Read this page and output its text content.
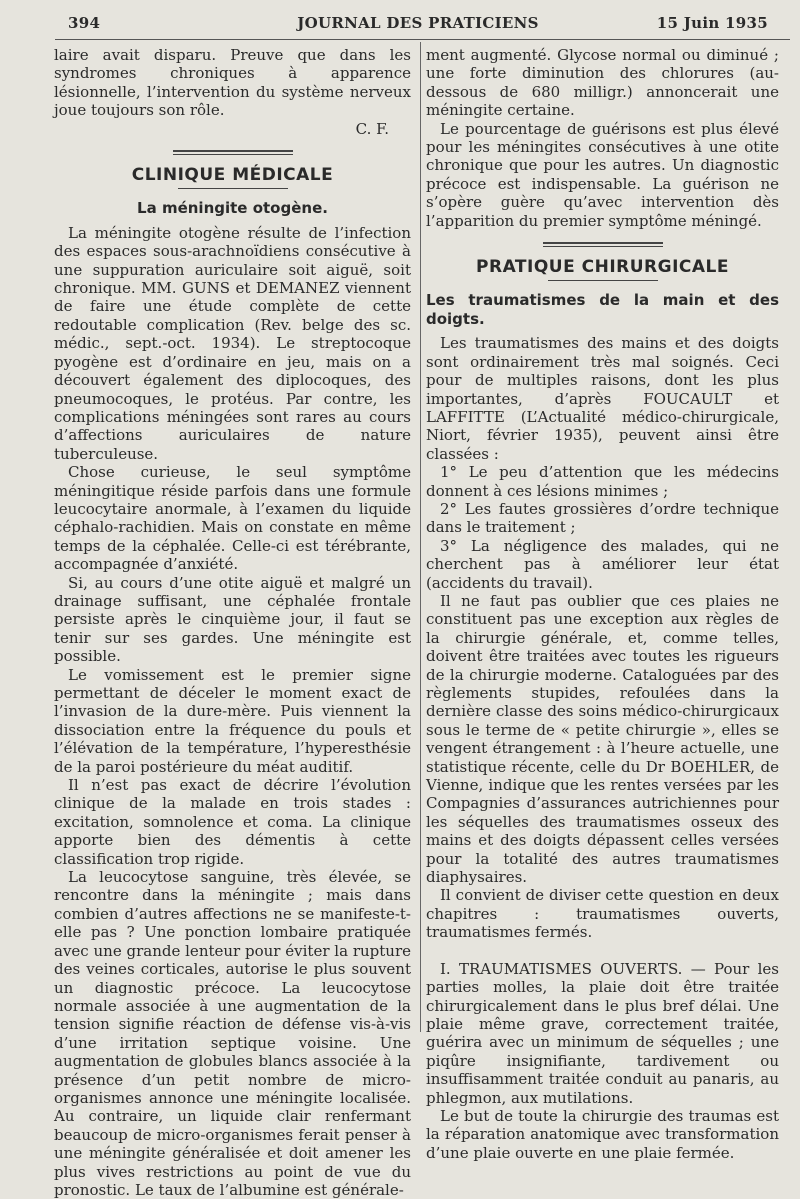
JOURNAL DES PRATICIENS
394	15 Juin 1935

laire avait disparu. Preuve que dans les syndromes chroniques à apparence lésionnelle, l’intervention du système nerveux joue toujours son rôle.

C. F.

CLINIQUE MÉDICALE
La méningite otogène.

La méningite otogène résulte de l’infection des espaces sous-arachnoïdiens consécutive à une suppuration auriculaire soit aiguë, soit chronique. MM. GUNS et DEMANEZ viennent de faire une étude complète de cette redoutable complication (Rev. belge des sc. médic., sept.-oct. 1934). Le streptocoque pyogène est d’ordinaire en jeu, mais on a découvert également des diplocoques, des pneumocoques, le protéus. Par contre, les complications méningées sont rares au cours d’affections auriculaires de nature tuberculeuse.

Chose curieuse, le seul symptôme méningitique réside parfois dans une formule leucocytaire anormale, à l’examen du liquide céphalo-rachidien. Mais on constate en même temps de la céphalée. Celle-ci est térébrante, accompagnée d’anxiété.

Si, au cours d’une otite aiguë et malgré un drainage suffisant, une céphalée frontale persiste après le cinquième jour, il faut se tenir sur ses gardes. Une méningite est possible.

Le vomissement est le premier signe permettant de déceler le moment exact de l’invasion de la dure-mère. Puis viennent la dissociation entre la fréquence du pouls et l’élévation de la température, l’hyperesthésie de la paroi postérieure du méat auditif.

Il n’est pas exact de décrire l’évolution clinique de la malade en trois stades : excitation, somnolence et coma. La clinique apporte bien des démentis à cette classification trop rigide.

La leucocytose sanguine, très élevée, se rencontre dans la méningite ; mais dans combien d’autres affections ne se manifeste-t-elle pas ? Une ponction lombaire pratiquée avec une grande lenteur pour éviter la rupture des veines corticales, autorise le plus souvent un diagnostic précoce. La leucocytose normale associée à une augmentation de la tension signifie réaction de défense vis-à-vis d’une irritation septique voisine. Une augmentation de globules blancs associée à la présence d’un petit nombre de micro-organismes annonce une méningite localisée. Au contraire, un liquide clair renfermant beaucoup de micro-organismes ferait penser à une méningite généralisée et doit amener les plus vives restrictions au point de vue du pronostic. Le taux de l’albumine est générale-

ment augmenté. Glycose normal ou diminué ; une forte diminution des chlorures (au-dessous de 680 milligr.) annoncerait une méningite certaine.

Le pourcentage de guérisons est plus élevé pour les méningites consécutives à une otite chronique que pour les autres. Un diagnostic précoce est indispensable. La guérison ne s’opère guère qu’avec intervention dès l’apparition du premier symptôme méningé.

PRATIQUE CHIRURGICALE
Les traumatismes de la main et des doigts.

Les traumatismes des mains et des doigts sont ordinairement très mal soignés. Ceci pour de multiples raisons, dont les plus importantes, d’après FOUCAULT et LAFFITTE (L’Actualité médico-chirurgicale, Niort, février 1935), peuvent ainsi être classées :

1° Le peu d’attention que les médecins donnent à ces lésions minimes ;

2° Les fautes grossières d’ordre technique dans le traitement ;

3° La négligence des malades, qui ne cherchent pas à améliorer leur état (accidents du travail).

Il ne faut pas oublier que ces plaies ne constituent pas une exception aux règles de la chirurgie générale, et, comme telles, doivent être traitées avec toutes les rigueurs de la chirurgie moderne. Cataloguées par des règlements stupides, refoulées dans la dernière classe des soins médico-chirurgicaux sous le terme de « petite chirurgie », elles se vengent étrangement : à l’heure actuelle, une statistique récente, celle du Dr BOEHLER, de Vienne, indique que les rentes versées par les Compagnies d’assurances autrichiennes pour les séquelles des traumatismes osseux des mains et des doigts dépassent celles versées pour la totalité des autres traumatismes diaphysaires.

Il convient de diviser cette question en deux chapitres : traumatismes ouverts, traumatismes fermés.

I. TRAUMATISMES OUVERTS. — Pour les parties molles, la plaie doit être traitée chirurgicalement dans le plus bref délai. Une plaie même grave, correctement traitée, guérira avec un minimum de séquelles ; une piqûre insignifiante, tardivement ou insuffisamment traitée conduit au panaris, au phlegmon, aux mutilations.

Le but de toute la chirurgie des traumas est la réparation anatomique avec transformation d’une plaie ouverte en une plaie fermée.
